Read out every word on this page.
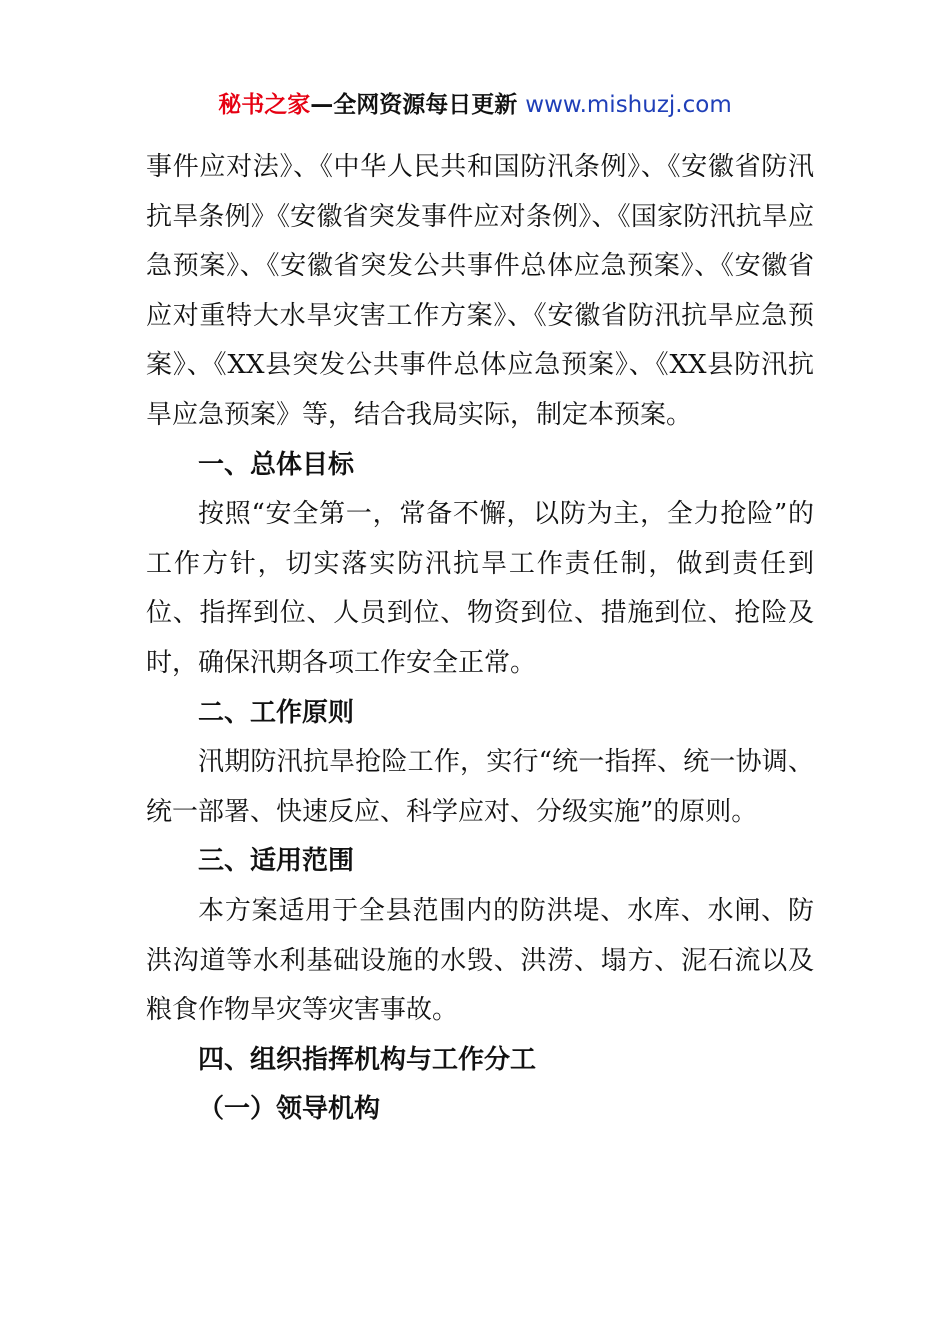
秘书之家—全网资源每日更新 www.mishuzj.com

事件应对法》、《中华人民共和国防汛条例》、《安徽省防汛抗旱条例》《安徽省突发事件应对条例》、《国家防汛抗旱应急预案》、《安徽省突发公共事件总体应急预案》、《安徽省应对重特大水旱灾害工作方案》、《安徽省防汛抗旱应急预案》、《XX县突发公共事件总体应急预案》、《XX县防汛抗旱应急预案》等，结合我局实际，制定本预案。

一、总体目标

按照“安全第一，常备不懈，以防为主，全力抢险”的工作方针，切实落实防汛抗旱工作责任制，做到责任到位、指挥到位、人员到位、物资到位、措施到位、抢险及时，确保汛期各项工作安全正常。

二、工作原则

汛期防汛抗旱抢险工作，实行“统一指挥、统一协调、统一部署、快速反应、科学应对、分级实施”的原则。

三、适用范围

本方案适用于全县范围内的防洪堤、水库、水闸、防洪沟道等水利基础设施的水毁、洪涝、塌方、泥石流以及粮食作物旱灾等灾害事故。

四、组织指挥机构与工作分工
（一）领导机构
